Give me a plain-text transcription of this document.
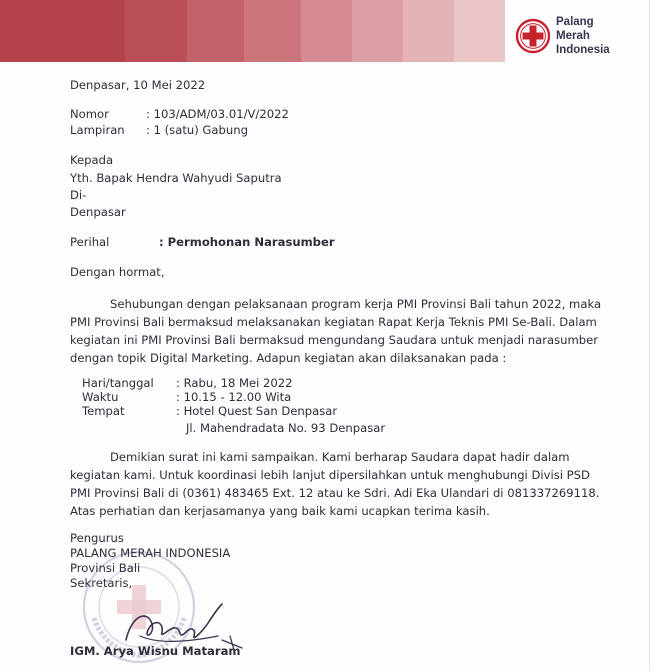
Palang
Merah
Indonesia
Denpasar, 10 Mei 2022
Nomor	: 103/ADM/03.01/V/2022
Lampiran : 1 (satu) Gabung
Kepada
Yth. Bapak Hendra Wahyudi Saputra
Di-
Denpasar
Perihal	: Permohonan Narasumber
Dengan hormat,
Sehubungan dengan pelaksanaan program kerja PMI Provinsi Bali tahun 2022, maka
PMI Provinsi Bali bermaksud melaksanakan kegiatan Rapat Kerja Teknis PMI Se-Bali. Dalam
kegiatan ini PMI Provinsi Bali bermaksud mengundang Saudara untuk menjadi narasumber
dengan topik Digital Marketing. Adapun kegiatan akan dilaksanakan pada :
Hari/tanggal : Rabu, 18 Mei 2022
Waktu	: 10.15 - 12.00 Wita
Tempat	: Hotel Quest San Denpasar
Jl. Mahendradata No. 93 Denpasar
Demikian surat ini kami sampaikan. Kami berharap Saudara dapat hadir dalam
kegiatan kami. Untuk koordinasi lebih lanjut dipersilahkan untuk menghubungi Divisi PSD
PMI Provinsi Bali di (0361) 483465 Ext. 12 atau ke Sdri. Adi Eka Ulandari di 081337269118.
Atas perhatian dan kerjasamanya yang baik kami ucapkan terima kasih.
Pengurus
PALANG MERAH INDONESIA
Provinsi Bali
Sekretaris,
IGM. Arya Wisnu Mataram
